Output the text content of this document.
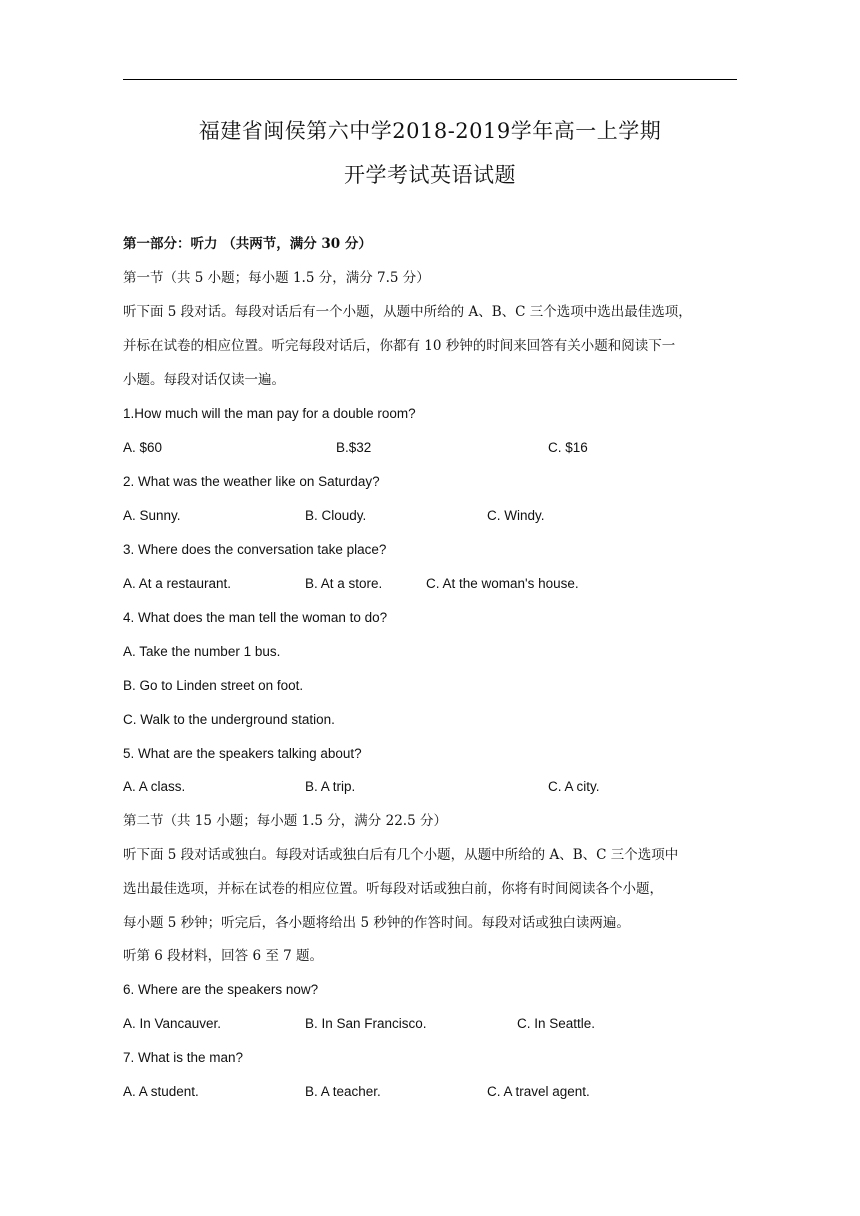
福建省闽侯第六中学2018-2019学年高一上学期
开学考试英语试题
第一部分：听力 （共两节，满分 30 分）
第一节（共 5 小题；每小题 1.5 分，满分 7.5 分）
听下面 5 段对话。每段对话后有一个小题，从题中所给的 A、B、C 三个选项中选出最佳选项，
并标在试卷的相应位置。听完每段对话后，你都有 10 秒钟的时间来回答有关小题和阅读下一
小题。每段对话仅读一遍。
1.How much will the man pay for a double room?
A. $60	B.$32	C. $16
2. What was the weather like on Saturday?
A. Sunny.	B. Cloudy.	C. Windy.
3. Where does the conversation take place?
A. At a restaurant.	B. At a store.	C. At the woman's house.
4. What does the man tell the woman to do?
A. Take the number 1 bus.
B. Go to Linden street on foot.
C. Walk to the underground station.
5. What are the speakers talking about?
A. A class.	B. A trip.	C. A city.
第二节（共 15 小题；每小题 1.5 分，满分 22.5 分）
听下面 5 段对话或独白。每段对话或独白后有几个小题，从题中所给的 A、B、C 三个选项中
选出最佳选项，并标在试卷的相应位置。听每段对话或独白前，你将有时间阅读各个小题，
每小题 5 秒钟；听完后，各小题将给出 5 秒钟的作答时间。每段对话或独白读两遍。
听第 6 段材料，回答 6 至 7 题。
6. Where are the speakers now?
A. In Vancauver.	B. In San Francisco.	C. In Seattle.
7. What is the man?
A. A student.	B. A teacher.	C. A travel agent.
